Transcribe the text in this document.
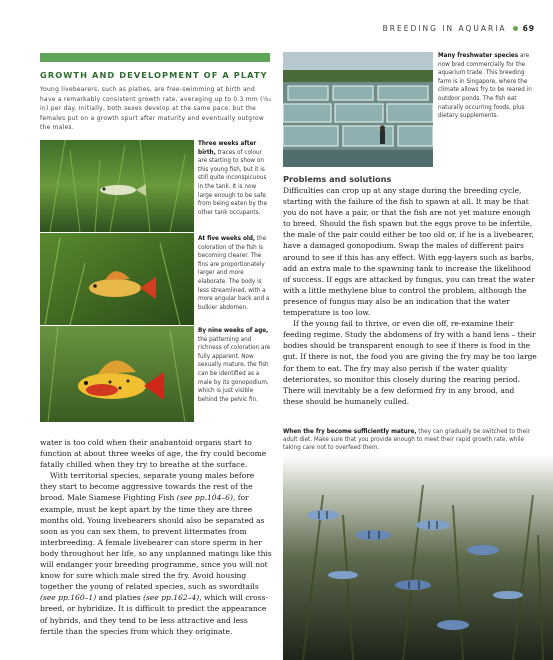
BREEDING IN AQUARIA 69
GROWTH AND DEVELOPMENT OF A PLATY
Young livebearers, such as platies, are free-swimming at birth and have a remarkably consistent growth rate, averaging up to 0.3 mm (⅛₀ in) per day. Initially, both sexes develop at the same pace, but the females put on a growth spurt after maturity and eventually outgrow the males.
Three weeks after birth, traces of colour are starting to show on this young fish, but it is still quite inconspicuous in the tank. It is now large enough to be safe from being eaten by the other tank occupants.
At five weeks old, the coloration of the fish is becoming clearer. The fins are proportionately larger and more elaborate. The body is less streamlined, with a more angular back and a bulkier abdomen.
By nine weeks of age, the patterning and richness of coloration are fully apparent. Now sexually mature, the fish can be identified as a male by its gonopodium, which is just visible behind the pelvic fin.
Many freshwater species are now bred commercially for the aquarium trade. This breeding farm is in Singapore, where the climate allows fry to be reared in outdoor ponds. The fish eat naturally occurring foods, plus dietary supplements.

water is too cold when their anabantoid organs start to function at about three weeks of age, the fry could become fatally chilled when they try to breathe at the surface.

With territorial species, separate young males before they start to become aggressive towards the rest of the brood. Male Siamese Fighting Fish (see pp.104–6), for example, must be kept apart by the time they are three months old. Young livebearers should also be separated as soon as you can sex them, to prevent littermates from interbreeding. A female livebearer can store sperm in her body throughout her life, so any unplanned matings like this will endanger your breeding programme, since you will not know for sure which male sired the fry. Avoid housing together the young of related species, such as swordtails (see pp.160–1) and platies (see pp.162–4), which will cross-breed, or hybridize. It is difficult to predict the appearance of hybrids, and they tend to be less attractive and less fertile than the species from which they originate.

Problems and solutions

Difficulties can crop up at any stage during the breeding cycle, starting with the failure of the fish to spawn at all. It may be that you do not have a pair, or that the fish are not yet mature enough to breed. Should the fish spawn but the eggs prove to be infertile, the male of the pair could either be too old or, if he is a livebearer, have a damaged gonopodium. Swap the males of different pairs around to see if this has any effect. With egg-layers such as barbs, add an extra male to the spawning tank to increase the likelihood of success. If eggs are attacked by fungus, you can treat the water with a little methylene blue to control the problem, although the presence of fungus may also be an indication that the water temperature is too low.

If the young fail to thrive, or even die off, re-examine their feeding regime. Study the abdomens of fry with a hand lens – their bodies should be transparent enough to see if there is food in the gut. If there is not, the food you are giving the fry may be too large for them to eat. The fry may also perish if the water quality deteriorates, so monitor this closely during the rearing period. There will inevitably be a few deformed fry in any brood, and these should be humanely culled.

When the fry become sufficiently mature, they can gradually be switched to their adult diet. Make sure that you provide enough to meet their rapid growth rate, while taking care not to overfeed them.
